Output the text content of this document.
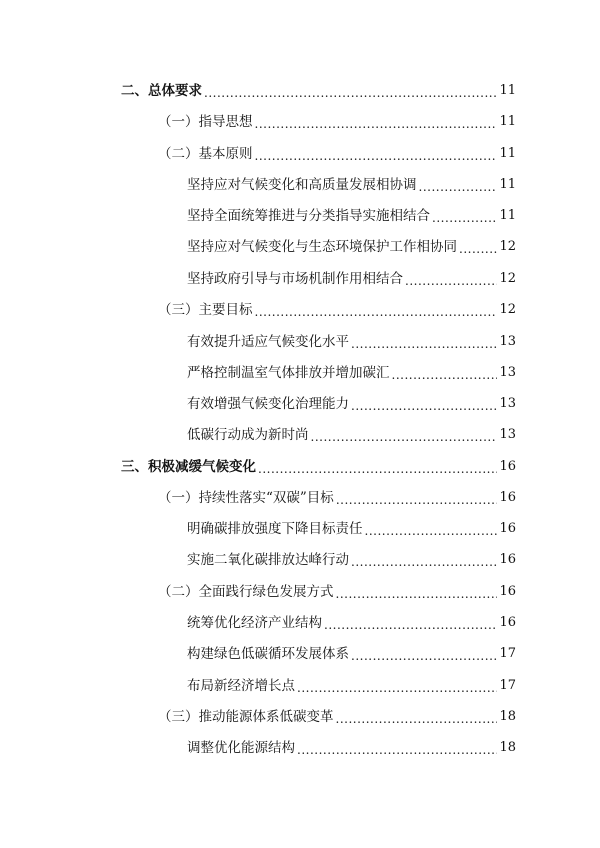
二、总体要求 .....	11
（一）指导思想 .....	11
（二）基本原则 .....	11
坚持应对气候变化和高质量发展相协调 .....	11
坚持全面统筹推进与分类指导实施相结合 .....	11
坚持应对气候变化与生态环境保护工作相协同 .....	12
坚持政府引导与市场机制作用相结合 .....	12
（三）主要目标 .....	12
有效提升适应气候变化水平 .....	13
严格控制温室气体排放并增加碳汇 .....	13
有效增强气候变化治理能力 .....	13
低碳行动成为新时尚 .....	13
三、积极减缓气候变化 .....	16
（一）持续性落实“双碳”目标 .....	16
明确碳排放强度下降目标责任 .....	16
实施二氧化碳排放达峰行动 .....	16
（二）全面践行绿色发展方式 .....	16
统筹优化经济产业结构 .....	16
构建绿色低碳循环发展体系 .....	17
布局新经济增长点 .....	17
（三）推动能源体系低碳变革 .....	18
调整优化能源结构 .....	18
